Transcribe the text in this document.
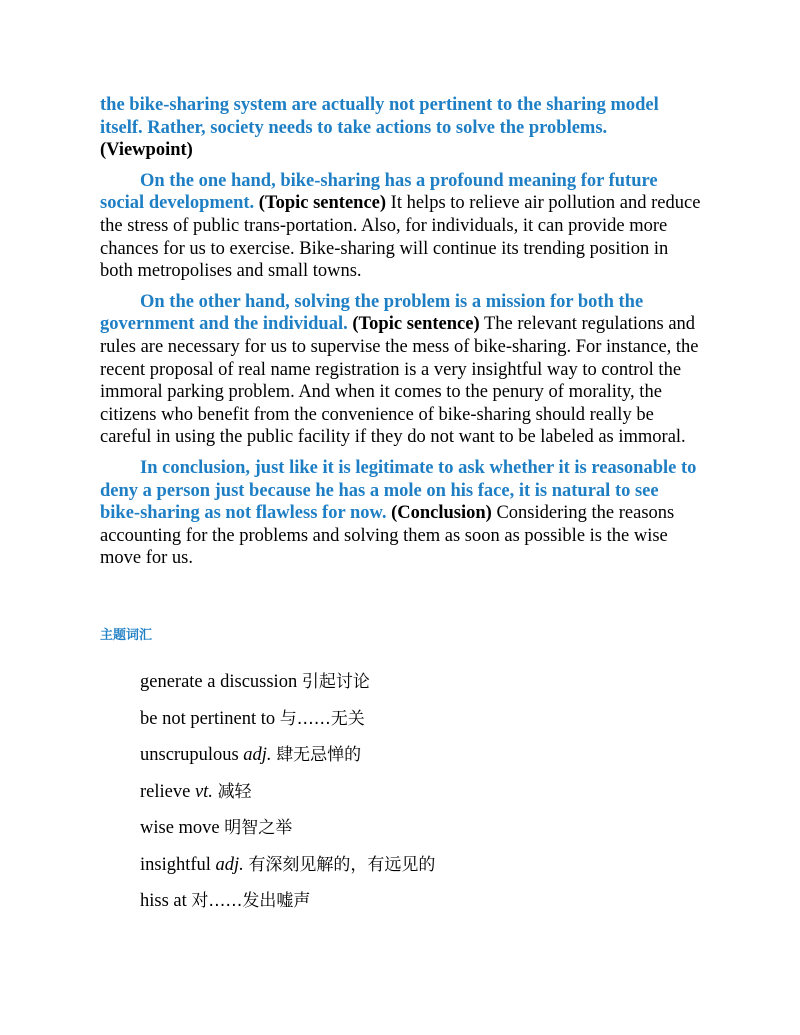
the bike-sharing system are actually not pertinent to the sharing model itself. Rather, society needs to take actions to solve the problems.
(Viewpoint)

On the one hand, bike-sharing has a profound meaning for future social development. (Topic sentence) It helps to relieve air pollution and reduce the stress of public trans-portation. Also, for individuals, it can provide more chances for us to exercise. Bike-sharing will continue its trending position in both metropolises and small towns.

On the other hand, solving the problem is a mission for both the government and the individual. (Topic sentence) The relevant regulations and rules are necessary for us to supervise the mess of bike-sharing. For instance, the recent proposal of real name registration is a very insightful way to control the immoral parking problem. And when it comes to the penury of morality, the citizens who benefit from the convenience of bike-sharing should really be careful in using the public facility if they do not want to be labeled as immoral.

In conclusion, just like it is legitimate to ask whether it is reasonable to deny a person just because he has a mole on his face, it is natural to see bike-sharing as not flawless for now. (Conclusion) Considering the reasons accounting for the problems and solving them as soon as possible is the wise move for us.

主题词汇
generate a discussion 引起讨论
be not pertinent to 与……无关
unscrupulous adj. 肆无忌惮的
relieve vt. 减轻
wise move 明智之举
insightful adj. 有深刻见解的，有远见的
hiss at 对……发出嘘声
